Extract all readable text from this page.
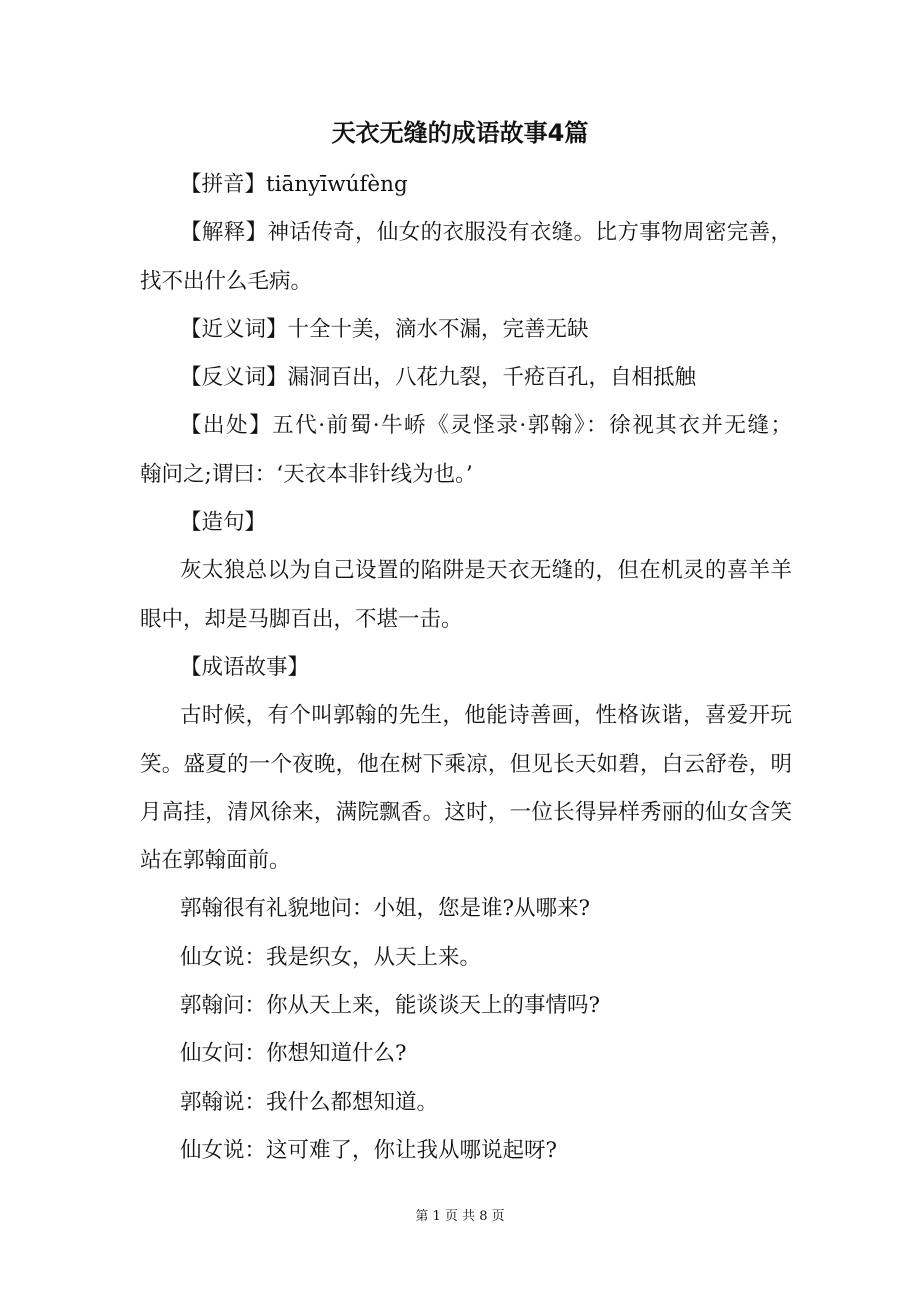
天衣无缝的成语故事4篇
【拼音】tiānyīwúfèng
【解释】神话传奇，仙女的衣服没有衣缝。比方事物周密完善，
找不出什么毛病。
【近义词】十全十美，滴水不漏，完善无缺
【反义词】漏洞百出，八花九裂，千疮百孔，自相抵触
【出处】五代·前蜀·牛峤《灵怪录·郭翰》：徐视其衣并无缝；
翰问之;谓曰：‘天衣本非针线为也。’
【造句】
灰太狼总以为自己设置的陷阱是天衣无缝的，但在机灵的喜羊羊
眼中，却是马脚百出，不堪一击。
【成语故事】
古时候，有个叫郭翰的先生，他能诗善画，性格诙谐，喜爱开玩
笑。盛夏的一个夜晚，他在树下乘凉，但见长天如碧，白云舒卷，明
月高挂，清风徐来，满院飘香。这时，一位长得异样秀丽的仙女含笑
站在郭翰面前。
郭翰很有礼貌地问：小姐，您是谁?从哪来?
仙女说：我是织女，从天上来。
郭翰问：你从天上来，能谈谈天上的事情吗?
仙女问：你想知道什么?
郭翰说：我什么都想知道。
仙女说：这可难了，你让我从哪说起呀?
第 1 页 共 8 页
